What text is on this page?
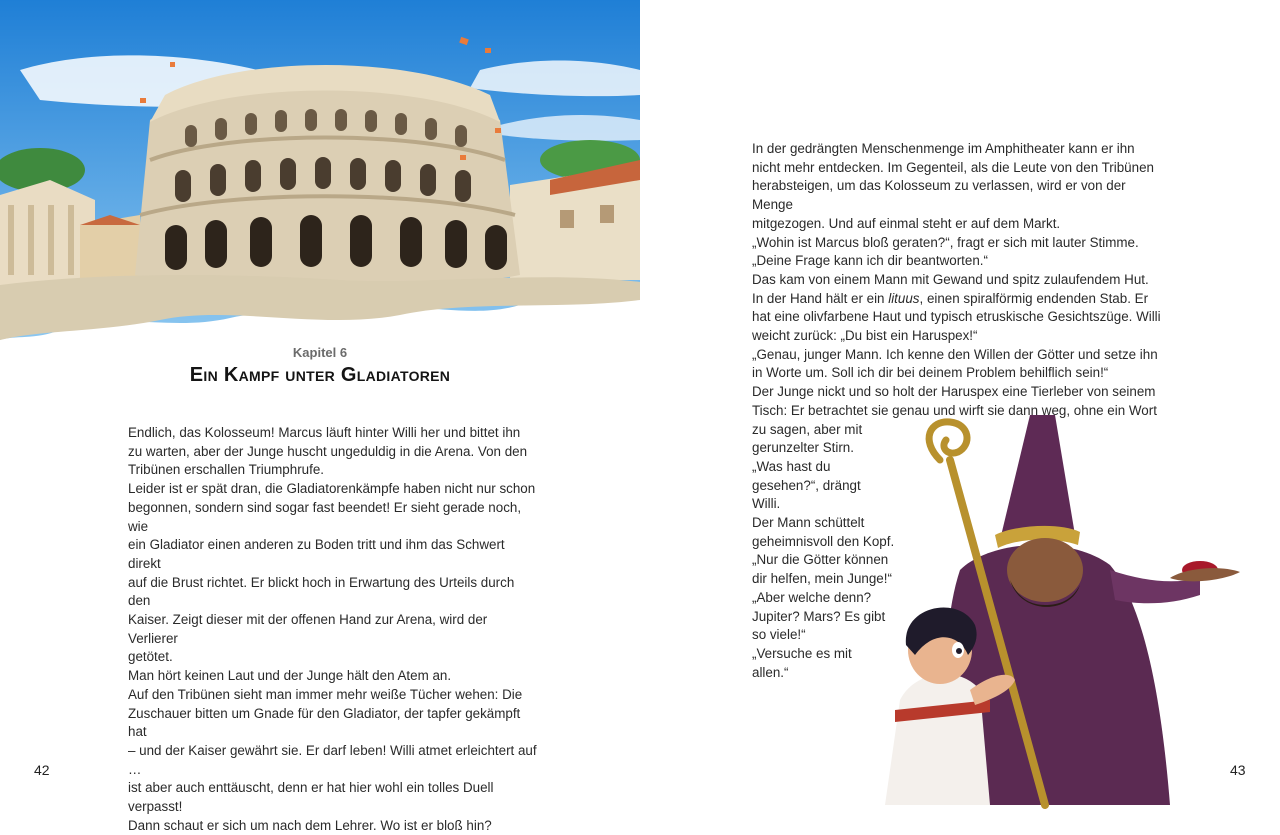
Kapitel 6
Ein Kampf unter Gladiatoren

Endlich, das Kolosseum! Marcus läuft hinter Willi her und bittet ihn

zu warten, aber der Junge huscht ungeduldig in die Arena. Von den

Tribünen erschallen Triumphrufe.

Leider ist er spät dran, die Gladiatorenkämpfe haben nicht nur schon

begonnen, sondern sind sogar fast beendet! Er sieht gerade noch, wie

ein Gladiator einen anderen zu Boden tritt und ihm das Schwert direkt

auf die Brust richtet. Er blickt hoch in Erwartung des Urteils durch den

Kaiser. Zeigt dieser mit der offenen Hand zur Arena, wird der Verlierer

getötet.

Man hört keinen Laut und der Junge hält den Atem an.

Auf den Tribünen sieht man immer mehr weiße Tücher wehen: Die

Zuschauer bitten um Gnade für den Gladiator, der tapfer gekämpft hat

– und der Kaiser gewährt sie. Er darf leben! Willi atmet erleichtert auf …

ist aber auch enttäuscht, denn er hat hier wohl ein tolles Duell verpasst!

Dann schaut er sich um nach dem Lehrer. Wo ist er bloß hin?

42

In der gedrängten Menschenmenge im Amphitheater kann er ihn

nicht mehr entdecken. Im Gegenteil, als die Leute von den Tribünen

herabsteigen, um das Kolosseum zu verlassen, wird er von der Menge

mitgezogen. Und auf einmal steht er auf dem Markt.

„Wohin ist Marcus bloß geraten?“, fragt er sich mit lauter Stimme.

„Deine Frage kann ich dir beantworten.“

Das kam von einem Mann mit Gewand und spitz zulaufendem Hut.

In der Hand hält er ein lituus, einen spiralförmig endenden Stab. Er

hat eine olivfarbene Haut und typisch etruskische Gesichtszüge. Willi

weicht zurück: „Du bist ein Haruspex!“

„Genau, junger Mann. Ich kenne den Willen der Götter und setze ihn

in Worte um. Soll ich dir bei deinem Problem behilflich sein!“

Der Junge nickt und so holt der Haruspex eine Tierleber von seinem

Tisch: Er betrachtet sie genau und wirft sie dann weg, ohne ein Wort

zu sagen, aber mit

gerunzelter Stirn.

„Was hast du

gesehen?“, drängt

Willi.

Der Mann schüttelt

geheimnisvoll den Kopf.

„Nur die Götter können

dir helfen, mein Junge!“

„Aber welche denn?

Jupiter? Mars? Es gibt

so viele!“

„Versuche es mit

allen.“

43
